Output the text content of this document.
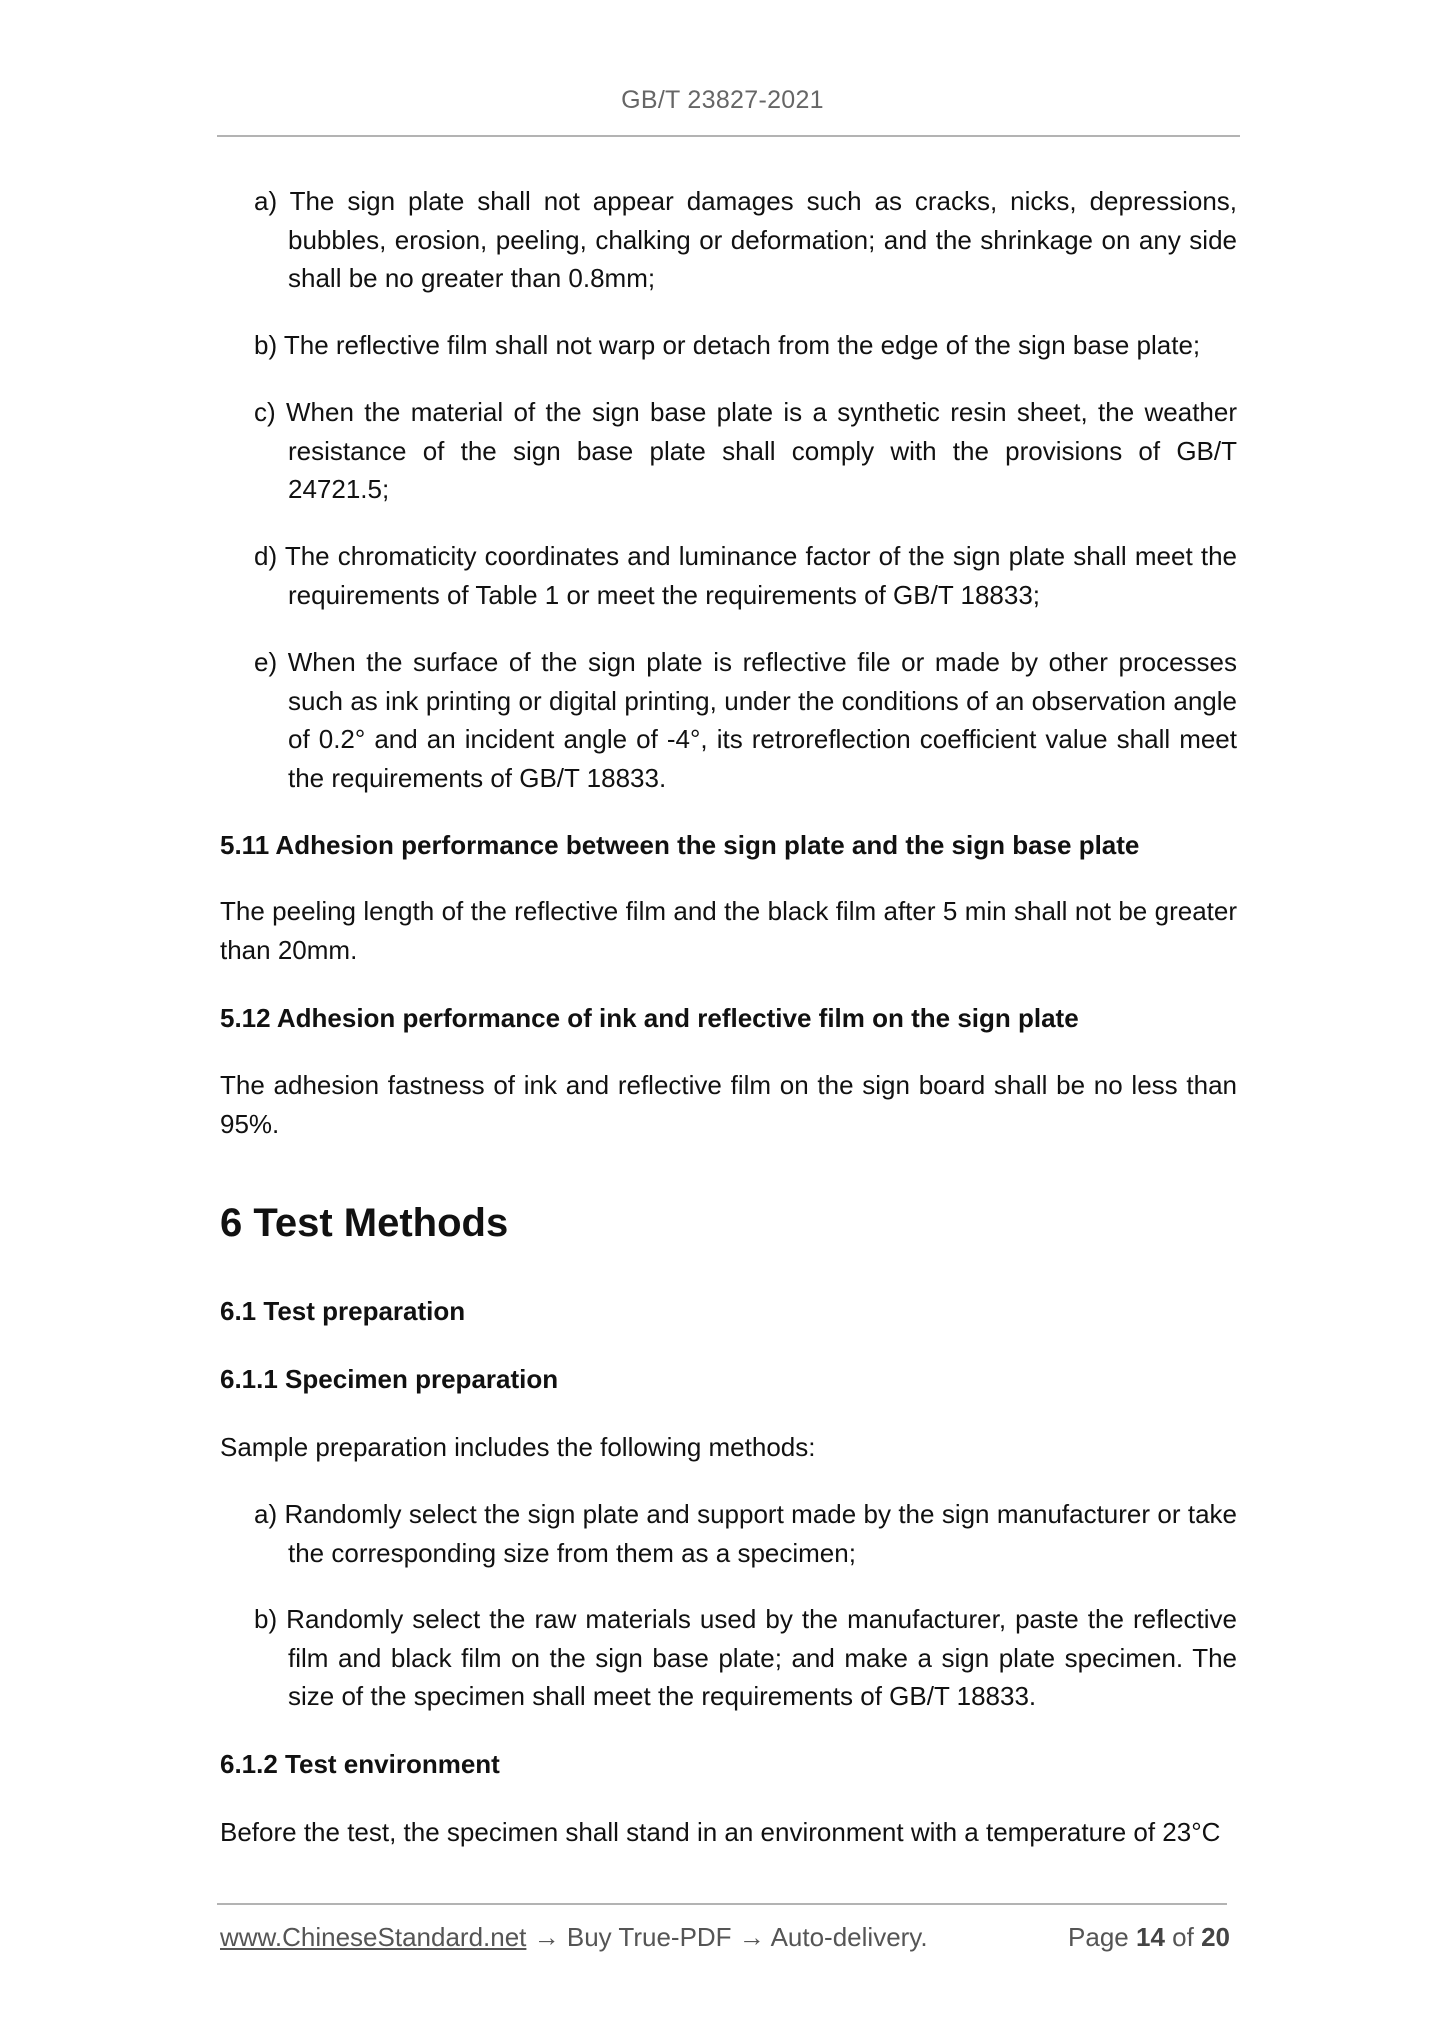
GB/T 23827-2021
a) The sign plate shall not appear damages such as cracks, nicks, depressions, bubbles, erosion, peeling, chalking or deformation; and the shrinkage on any side shall be no greater than 0.8mm;
b) The reflective film shall not warp or detach from the edge of the sign base plate;
c) When the material of the sign base plate is a synthetic resin sheet, the weather resistance of the sign base plate shall comply with the provisions of GB/T 24721.5;
d) The chromaticity coordinates and luminance factor of the sign plate shall meet the requirements of Table 1 or meet the requirements of GB/T 18833;
e) When the surface of the sign plate is reflective file or made by other processes such as ink printing or digital printing, under the conditions of an observation angle of 0.2° and an incident angle of -4°, its retroreflection coefficient value shall meet the requirements of GB/T 18833.
5.11 Adhesion performance between the sign plate and the sign base plate
The peeling length of the reflective film and the black film after 5 min shall not be greater than 20mm.
5.12 Adhesion performance of ink and reflective film on the sign plate
The adhesion fastness of ink and reflective film on the sign board shall be no less than 95%.
6 Test Methods
6.1 Test preparation
6.1.1 Specimen preparation
Sample preparation includes the following methods:
a) Randomly select the sign plate and support made by the sign manufacturer or take the corresponding size from them as a specimen;
b) Randomly select the raw materials used by the manufacturer, paste the reflective film and black film on the sign base plate; and make a sign plate specimen. The size of the specimen shall meet the requirements of GB/T 18833.
6.1.2 Test environment
Before the test, the specimen shall stand in an environment with a temperature of 23°C
www.ChineseStandard.net → Buy True-PDF → Auto-delivery.	Page 14 of 20
